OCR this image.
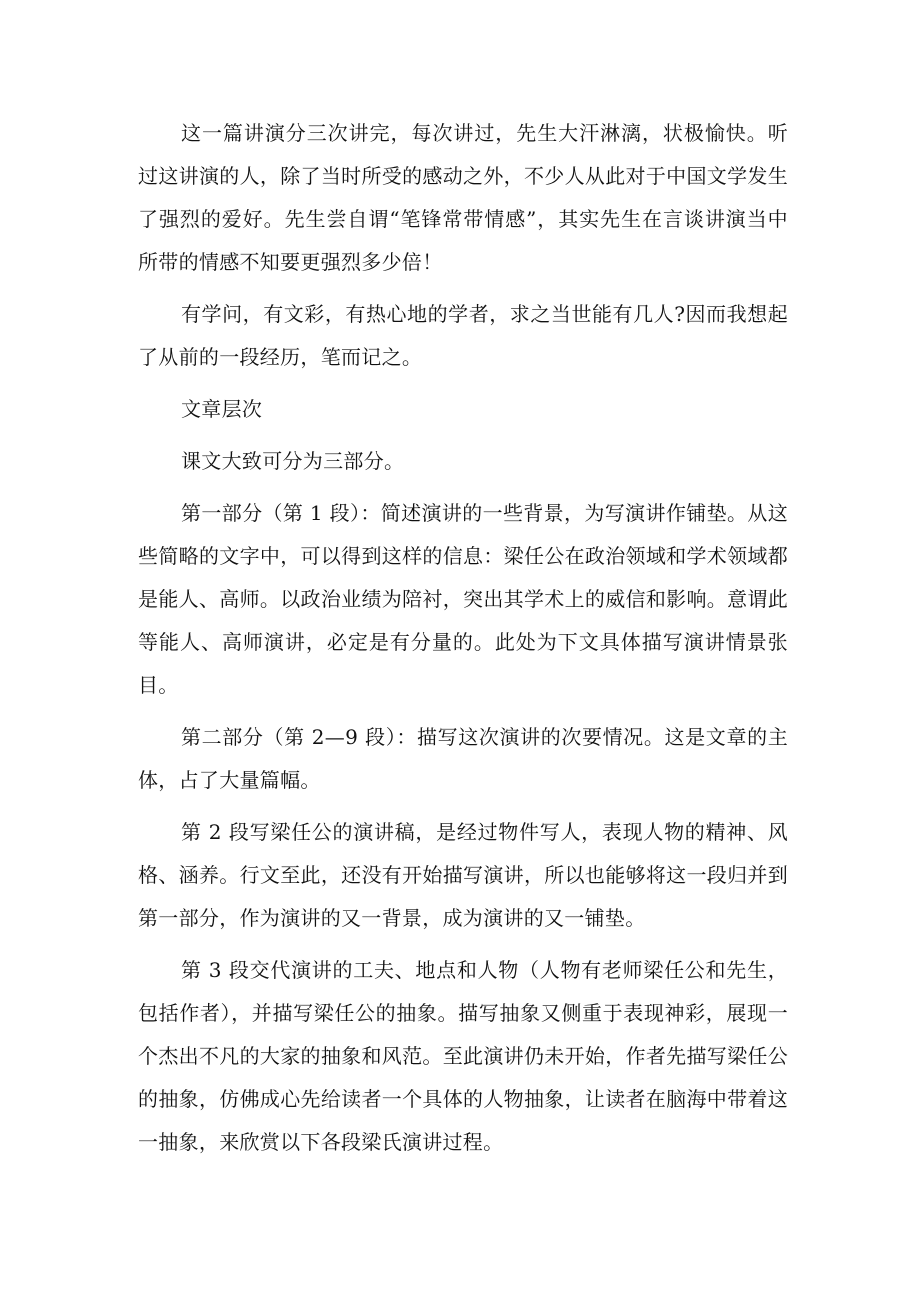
这一篇讲演分三次讲完，每次讲过，先生大汗淋漓，状极愉快。听过这讲演的人，除了当时所受的感动之外，不少人从此对于中国文学发生了强烈的爱好。先生尝自谓“笔锋常带情感”，其实先生在言谈讲演当中所带的情感不知要更强烈多少倍！

有学问，有文彩，有热心地的学者，求之当世能有几人?因而我想起了从前的一段经历，笔而记之。

文章层次

课文大致可分为三部分。

第一部分（第 1 段）：简述演讲的一些背景，为写演讲作铺垫。从这些简略的文字中，可以得到这样的信息：梁任公在政治领域和学术领域都是能人、高师。以政治业绩为陪衬，突出其学术上的威信和影响。意谓此等能人、高师演讲，必定是有分量的。此处为下文具体描写演讲情景张目。

第二部分（第 2—9 段）：描写这次演讲的次要情况。这是文章的主体，占了大量篇幅。

第 2 段写梁任公的演讲稿，是经过物件写人，表现人物的精神、风格、涵养。行文至此，还没有开始描写演讲，所以也能够将这一段归并到第一部分，作为演讲的又一背景，成为演讲的又一铺垫。

第 3 段交代演讲的工夫、地点和人物（人物有老师梁任公和先生，包括作者），并描写梁任公的抽象。描写抽象又侧重于表现神彩，展现一个杰出不凡的大家的抽象和风范。至此演讲仍未开始，作者先描写梁任公的抽象，仿佛成心先给读者一个具体的人物抽象，让读者在脑海中带着这一抽象，来欣赏以下各段梁氏演讲过程。
